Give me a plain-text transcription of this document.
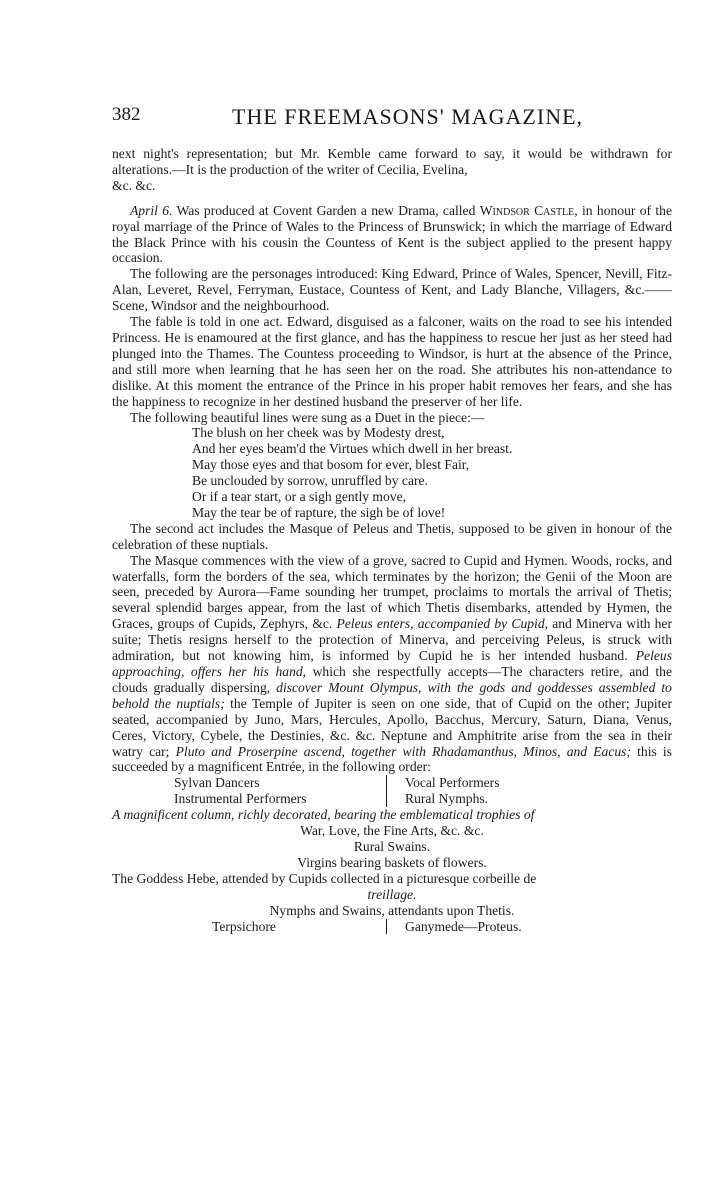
382	THE FREEMASONS' MAGAZINE,

next night's representation; but Mr. Kemble came forward to say, it would be withdrawn for alterations.—It is the production of the writer of Cecilia, Evelina,

&c. &c.

April 6. Was produced at Covent Garden a new Drama, called Windsor Castle, in honour of the royal marriage of the Prince of Wales to the Princess of Brunswick; in which the marriage of Edward the Black Prince with his cousin the Countess of Kent is the subject applied to the present happy occasion.

The following are the personages introduced: King Edward, Prince of Wales, Spencer, Nevill, Fitz-Alan, Leveret, Revel, Ferryman, Eustace, Countess of Kent, and Lady Blanche, Villagers, &c.——Scene, Windsor and the neighbourhood.

The fable is told in one act. Edward, disguised as a falconer, waits on the road to see his intended Princess. He is enamoured at the first glance, and has the happiness to rescue her just as her steed had plunged into the Thames. The Countess proceeding to Windsor, is hurt at the absence of the Prince, and still more when learning that he has seen her on the road. She attributes his non-attendance to dislike. At this moment the entrance of the Prince in his proper habit removes her fears, and she has the happiness to recognize in her destined husband the preserver of her life.

The following beautiful lines were sung as a Duet in the piece:—

The blush on her cheek was by Modesty drest,
And her eyes beam'd the Virtues which dwell in her breast.
May those eyes and that bosom for ever, blest Fair,
Be unclouded by sorrow, unruffled by care.
Or if a tear start, or a sigh gently move,
May the tear be of rapture, the sigh be of love!

The second act includes the Masque of Peleus and Thetis, supposed to be given in honour of the celebration of these nuptials.

The Masque commences with the view of a grove, sacred to Cupid and Hymen. Woods, rocks, and waterfalls, form the borders of the sea, which terminates by the horizon; the Genii of the Moon are seen, preceded by Aurora—Fame sounding her trumpet, proclaims to mortals the arrival of Thetis; several splendid barges appear, from the last of which Thetis disembarks, attended by Hymen, the Graces, groups of Cupids, Zephyrs, &c. Peleus enters, accompanied by Cupid, and Minerva with her suite; Thetis resigns herself to the protection of Minerva, and perceiving Peleus, is struck with admiration, but not knowing him, is informed by Cupid he is her intended husband. Peleus approaching, offers her his hand, which she respectfully accepts—The characters retire, and the clouds gradually dispersing, discover Mount Olympus, with the gods and goddesses assembled to behold the nuptials; the Temple of Jupiter is seen on one side, that of Cupid on the other; Jupiter seated, accompanied by Juno, Mars, Hercules, Apollo, Bacchus, Mercury, Saturn, Diana, Venus, Ceres, Victory, Cybele, the Destinies, &c. &c. Neptune and Amphitrite arise from the sea in their watry car; Pluto and Proserpine ascend, together with Rhadamanthus, Minos, and Eacus; this is succeeded by a magnificent Entrée, in the following order:

Sylvan Dancers	Vocal Performers
Instrumental Performers	Rural Nymphs.

A magnificent column, richly decorated, bearing the emblematical trophies of

War, Love, the Fine Arts, &c. &c.

Rural Swains.

Virgins bearing baskets of flowers.

The Goddess Hebe, attended by Cupids collected in a picturesque corbeille de

treillage.

Nymphs and Swains, attendants upon Thetis.

Terpsichore	Ganymede—Proteus.
